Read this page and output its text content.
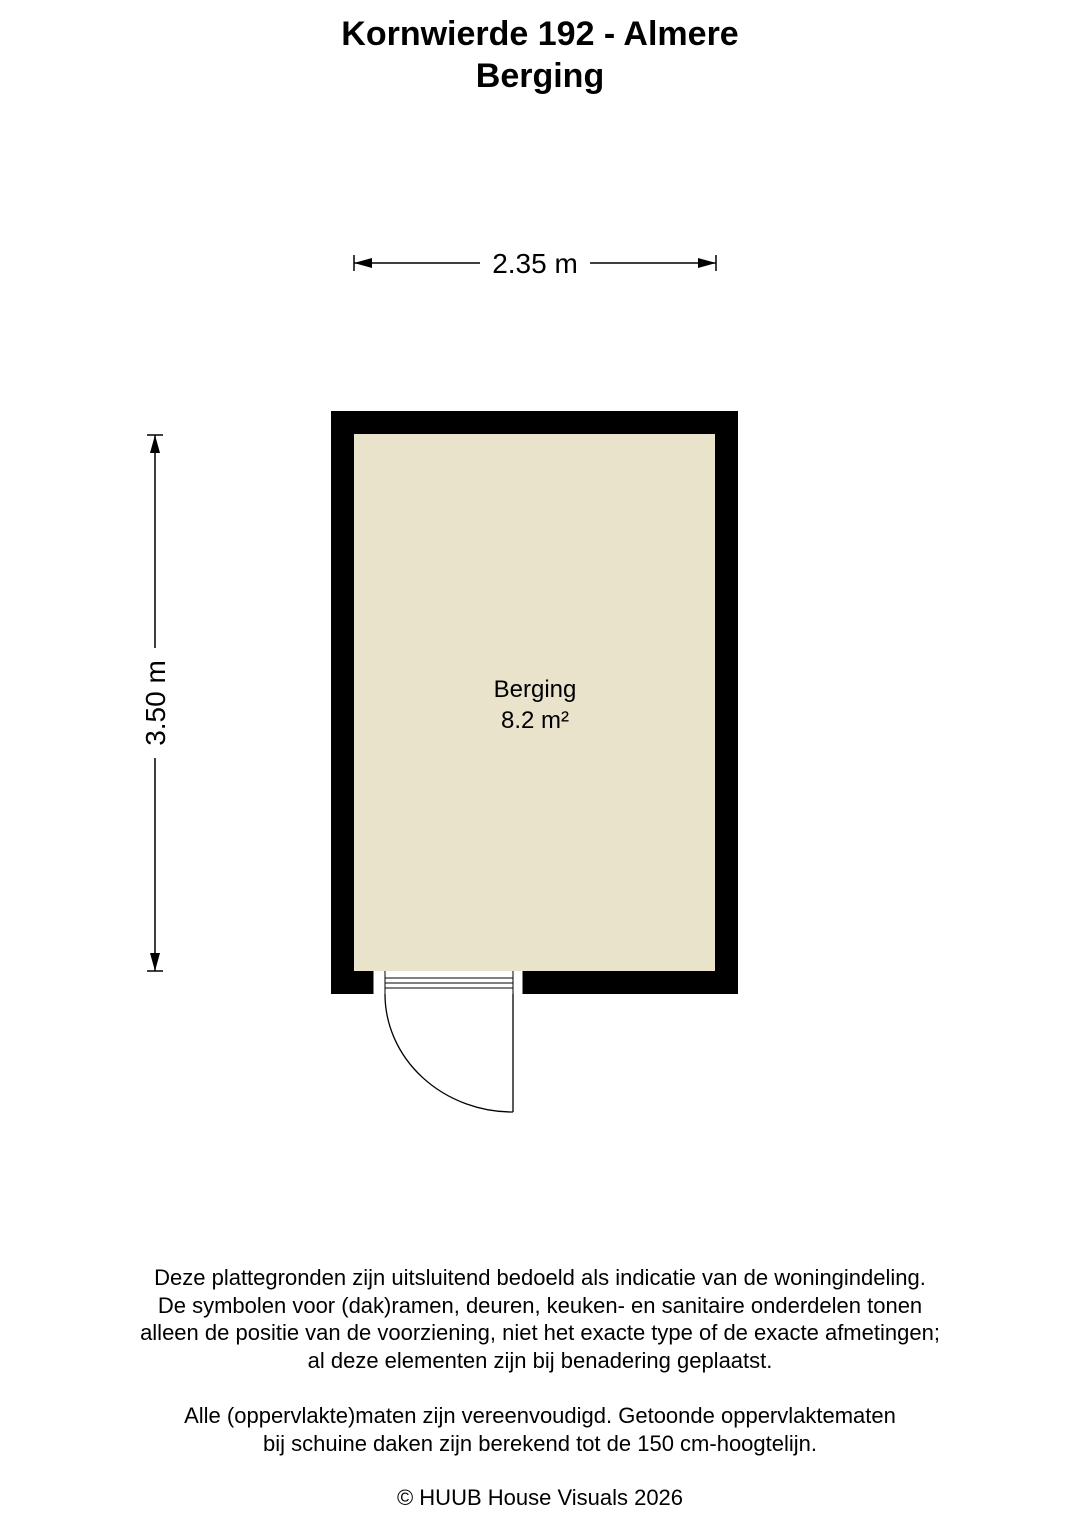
Kornwierde 192 - Almere
Berging
2.35 m
3.50 m	Berging
8.2 m²
Deze plattegronden zijn uitsluitend bedoeld als indicatie van de woningindeling.
De symbolen voor (dak)ramen, deuren, keuken- en sanitaire onderdelen tonen
alleen de positie van de voorziening, niet het exacte type of de exacte afmetingen;
al deze elementen zijn bij benadering geplaatst.
Alle (oppervlakte)maten zijn vereenvoudigd. Getoonde oppervlaktematen
bij schuine daken zijn berekend tot de 150 cm-hoogtelijn.
© HUUB House Visuals 2026
